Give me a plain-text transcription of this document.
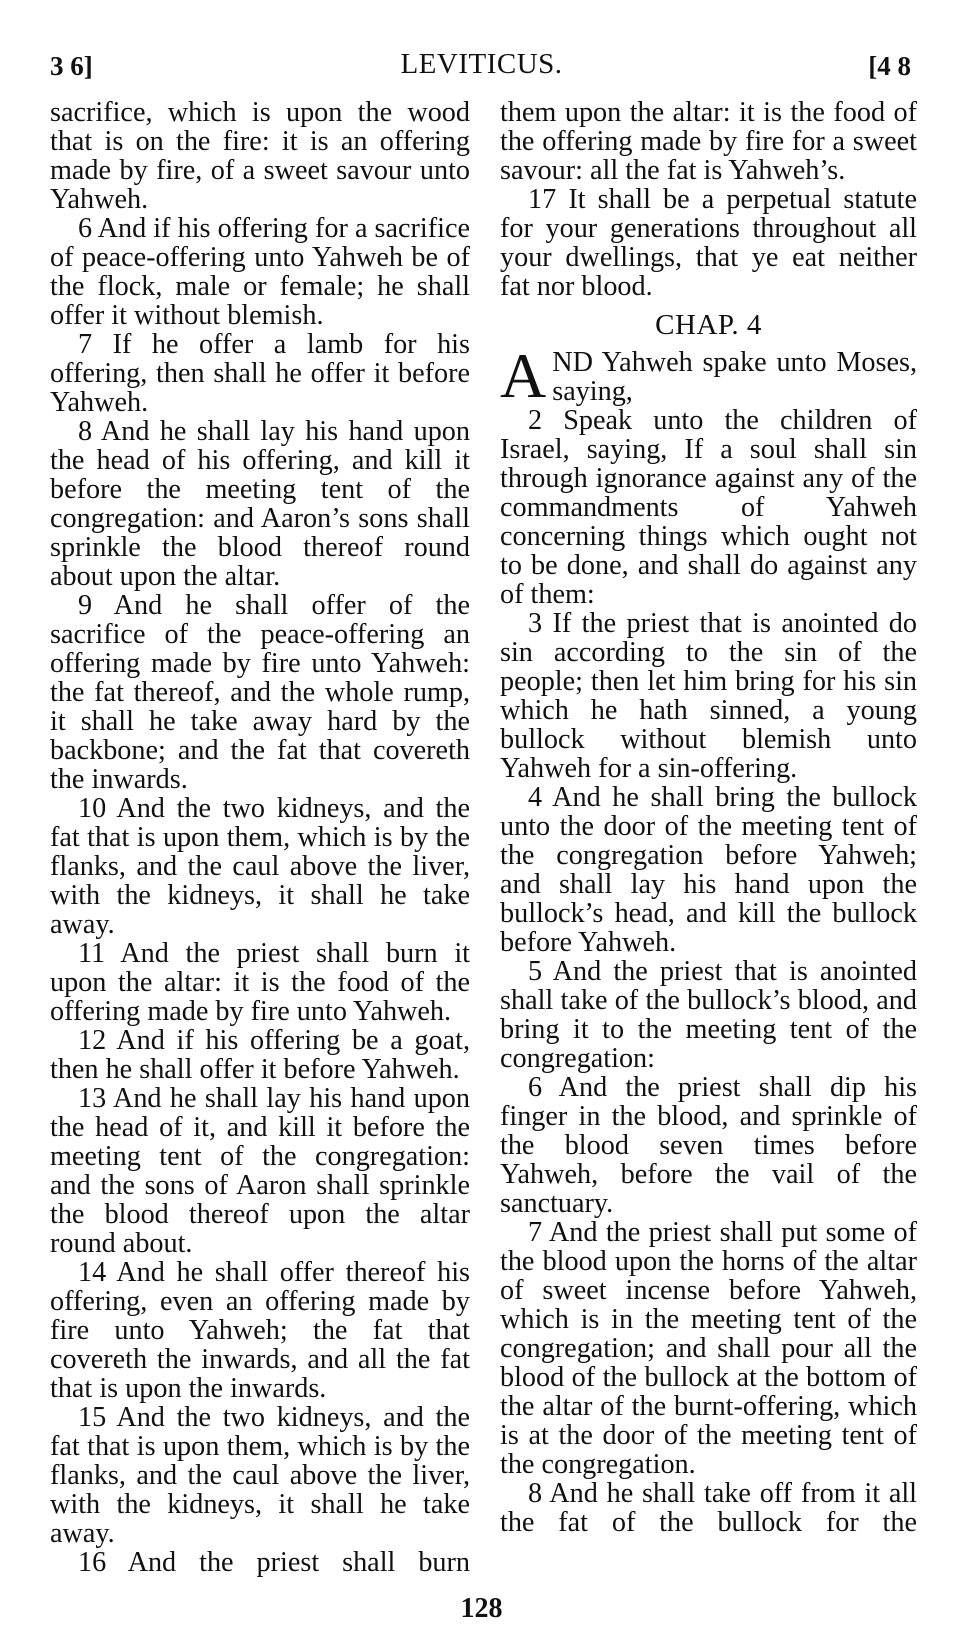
3 6]	LEVITICUS.	[4 8

sacrifice, which is upon the wood that is on the fire: it is an offering made by fire, of a sweet savour unto Yahweh.

6 And if his offering for a sacrifice of peace-offering unto Yahweh be of the flock, male or female; he shall offer it without blemish.

7 If he offer a lamb for his offering, then shall he offer it before Yahweh.

8 And he shall lay his hand upon the head of his offering, and kill it before the meeting tent of the congregation: and Aaron’s sons shall sprinkle the blood thereof round about upon the altar.

9 And he shall offer of the sacrifice of the peace-offering an offering made by fire unto Yahweh: the fat thereof, and the whole rump, it shall he take away hard by the backbone; and the fat that covereth the inwards.

10 And the two kidneys, and the fat that is upon them, which is by the flanks, and the caul above the liver, with the kidneys, it shall he take away.

11 And the priest shall burn it upon the altar: it is the food of the offering made by fire unto Yahweh.

12 And if his offering be a goat, then he shall offer it before Yahweh.

13 And he shall lay his hand upon the head of it, and kill it before the meeting tent of the congregation: and the sons of Aaron shall sprinkle the blood thereof upon the altar round about.

14 And he shall offer thereof his offering, even an offering made by fire unto Yahweh; the fat that covereth the inwards, and all the fat that is upon the inwards.

15 And the two kidneys, and the fat that is upon them, which is by the flanks, and the caul above the liver, with the kidneys, it shall he take away.

16 And the priest shall burn

them upon the altar: it is the food of the offering made by fire for a sweet savour: all the fat is Yahweh’s.

17 It shall be a perpetual statute for your generations throughout all your dwellings, that ye eat neither fat nor blood.

CHAP. 4

AND Yahweh spake unto Moses, saying,

2 Speak unto the children of Israel, saying, If a soul shall sin through ignorance against any of the commandments of Yahweh concerning things which ought not to be done, and shall do against any of them:

3 If the priest that is anointed do sin according to the sin of the people; then let him bring for his sin which he hath sinned, a young bullock without blemish unto Yahweh for a sin-offering.

4 And he shall bring the bullock unto the door of the meeting tent of the congregation before Yahweh; and shall lay his hand upon the bullock’s head, and kill the bullock before Yahweh.

5 And the priest that is anointed shall take of the bullock’s blood, and bring it to the meeting tent of the congregation:

6 And the priest shall dip his finger in the blood, and sprinkle of the blood seven times before Yahweh, before the vail of the sanctuary.

7 And the priest shall put some of the blood upon the horns of the altar of sweet incense before Yahweh, which is in the meeting tent of the congregation; and shall pour all the blood of the bullock at the bottom of the altar of the burnt-offering, which is at the door of the meeting tent of the congregation.

8 And he shall take off from it all the fat of the bullock for the

128
